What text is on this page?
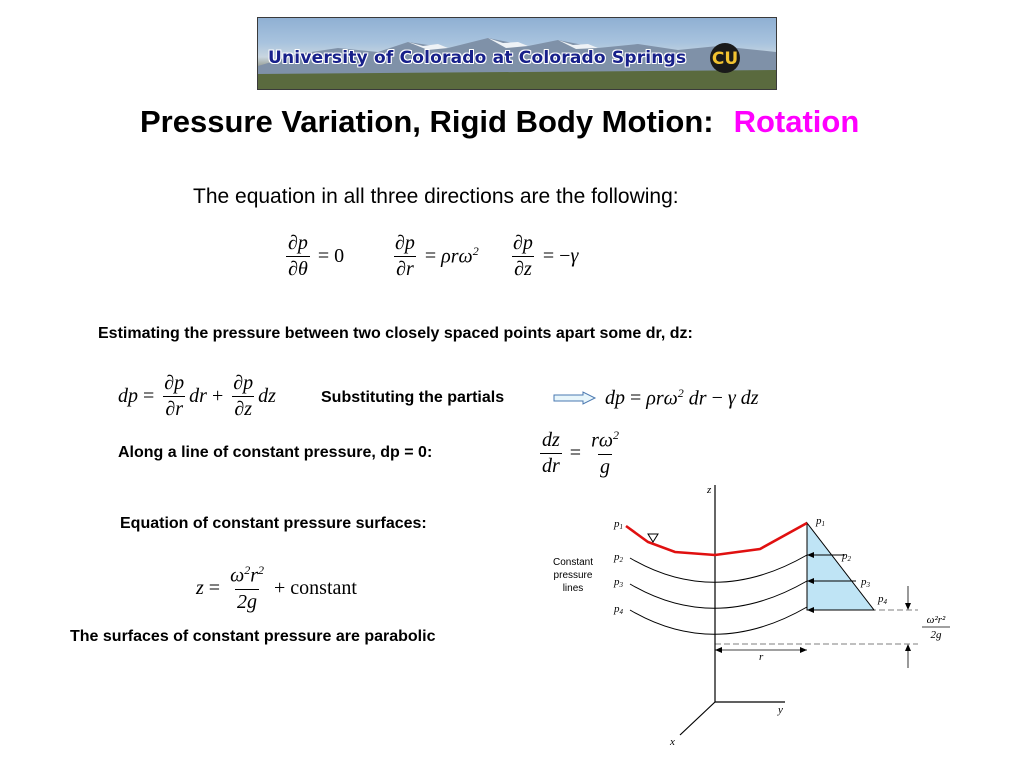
University of Colorado at Colorado Springs CU
Pressure Variation, Rigid Body Motion: Rotation
The equation in all three directions are the following:
$\frac{\partial p}{\partial\theta} = 0 \frac{\partial p}{\partial r} = \rho r\omega^2 \frac{\partial p}{\partial z}$ = − γ
Estimating the pressure between two closely spaced points apart some dr, dz:
dp = $\frac{\partial p}{\partial r}$ dr + $\frac{\partial p}{\partial z}$ dz	Substituting the partials	dp = ρrω$^2$ dr − γ dz
Along a line of constant pressure, dp = 0:	$\frac{dz}{dr} = \frac{r\omega^2}{g}$
Equation of constant pressure surfaces:
$z = \frac{\omega^2r^2}{2g}$ + constant
The surfaces of constant pressure are parabolic
z
y
x
p1
p2
p3
p4
p1
p2
p3
p4
Constant
pressure
lines
r
ω²r²
2g
